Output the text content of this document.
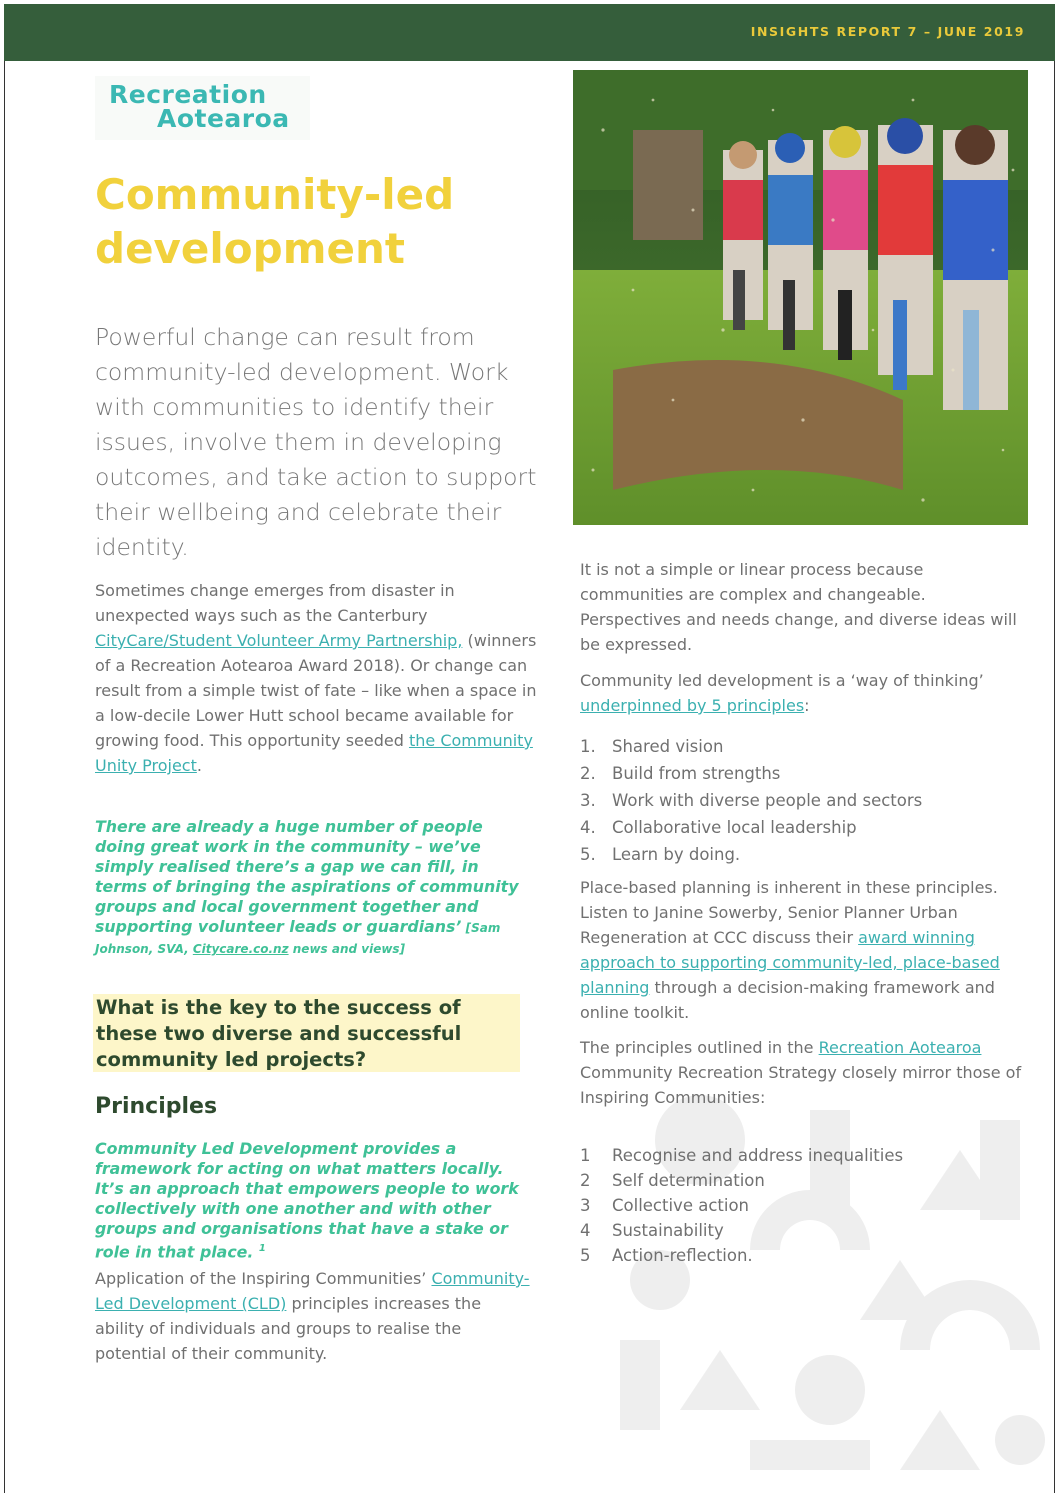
INSIGHTS REPORT 7 – JUNE 2019
Recreation
Aotearoa
Community-led
development

Powerful change can result from community-led development. Work with communities to identify their issues, involve them in developing outcomes, and take action to support their wellbeing and celebrate their identity.

Sometimes change emerges from disaster in unexpected ways such as the Canterbury CityCare/Student Volunteer Army Partnership, (winners of a Recreation Aotearoa Award 2018). Or change can result from a simple twist of fate – like when a space in a low-decile Lower Hutt school became available for growing food. This opportunity seeded the Community Unity Project.

There are already a huge number of people doing great work in the community – we’ve simply realised there’s a gap we can fill, in terms of bringing the aspirations of community groups and local government together and supporting volunteer leads or guardians’ [Sam Johnson, SVA, Citycare.co.nz news and views]

What is the key to the success of these two diverse and successful community led projects?

Principles

Community Led Development provides a framework for acting on what matters locally. It’s an approach that empowers people to work collectively with one another and with other groups and organisations that have a stake or role in that place. $^1$

Application of the Inspiring Communities’ Community-Led Development (CLD) principles increases the ability of individuals and groups to realise the potential of their community.

It is not a simple or linear process because communities are complex and changeable. Perspectives and needs change, and diverse ideas will be expressed.

Community led development is a ‘way of thinking’ underpinned by 5 principles:

1. Shared vision
2. Build from strengths
3. Work with diverse people and sectors
4. Collaborative local leadership
5. Learn by doing.

Place-based planning is inherent in these principles. Listen to Janine Sowerby, Senior Planner Urban Regeneration at CCC discuss their award winning approach to supporting community-led, place-based planning through a decision-making framework and online toolkit.

The principles outlined in the Recreation Aotearoa Community Recreation Strategy closely mirror those of Inspiring Communities:

1 Recognise and address inequalities
2 Self determination
3 Collective action
4 Sustainability
5 Action-reflection.
